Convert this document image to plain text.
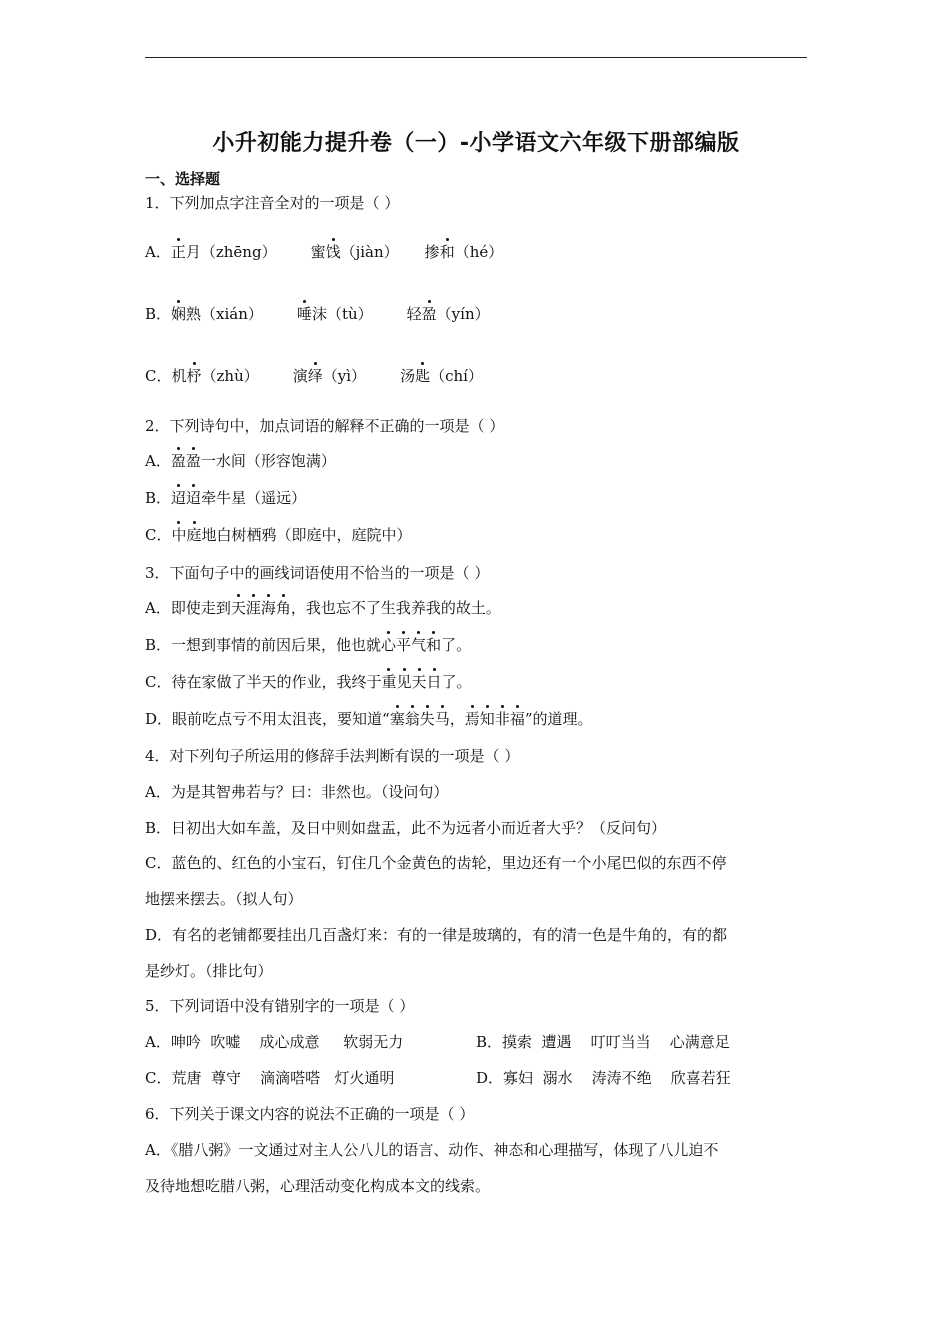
小升初能力提升卷（一）-小学语文六年级下册部编版
一、选择题
1．下列加点字注音全对的一项是（ ）
A．正月（zhēng） 蜜饯（jiàn） 掺和（hé）
B．娴熟（xián） 唾沫（tù） 轻盈（yín）
C．机杼（zhù） 演绎（yì） 汤匙（chí）
2．下列诗句中，加点词语的解释不正确的一项是（ ）
A．盈盈一水间（形容饱满）
B．迢迢牵牛星（遥远）
C．中庭地白树栖鸦（即庭中，庭院中）
3．下面句子中的画线词语使用不恰当的一项是（ ）
A．即使走到天涯海角，我也忘不了生我养我的故土。
B．一想到事情的前因后果，他也就心平气和了。
C．待在家做了半天的作业，我终于重见天日了。
D．眼前吃点亏不用太沮丧，要知道“塞翁失马，焉知非福”的道理。
4．对下列句子所运用的修辞手法判断有误的一项是（ ）
A．为是其智弗若与？曰：非然也。（设问句）
B．日初出大如车盖，及日中则如盘盂，此不为远者小而近者大乎？（反问句）
C．蓝色的、红色的小宝石，钉住几个金黄色的齿轮，里边还有一个小尾巴似的东西不停
地摆来摆去。（拟人句）
D．有名的老铺都要挂出几百盏灯来：有的一律是玻璃的，有的清一色是牛角的，有的都
是纱灯。（排比句）
5．下列词语中没有错别字的一项是（ ）
A．呻吟  吹嘘    成心成意     软弱无力	B．摸索  遭遇    叮叮当当    心满意足
C．荒唐  尊守    滴滴嗒嗒   灯火通明	D．寡妇  溺水    涛涛不绝    欣喜若狂
6．下列关于课文内容的说法不正确的一项是（ ）
A．《腊八粥》一文通过对主人公八儿的语言、动作、神态和心理描写，体现了八儿迫不
及待地想吃腊八粥，心理活动变化构成本文的线索。
